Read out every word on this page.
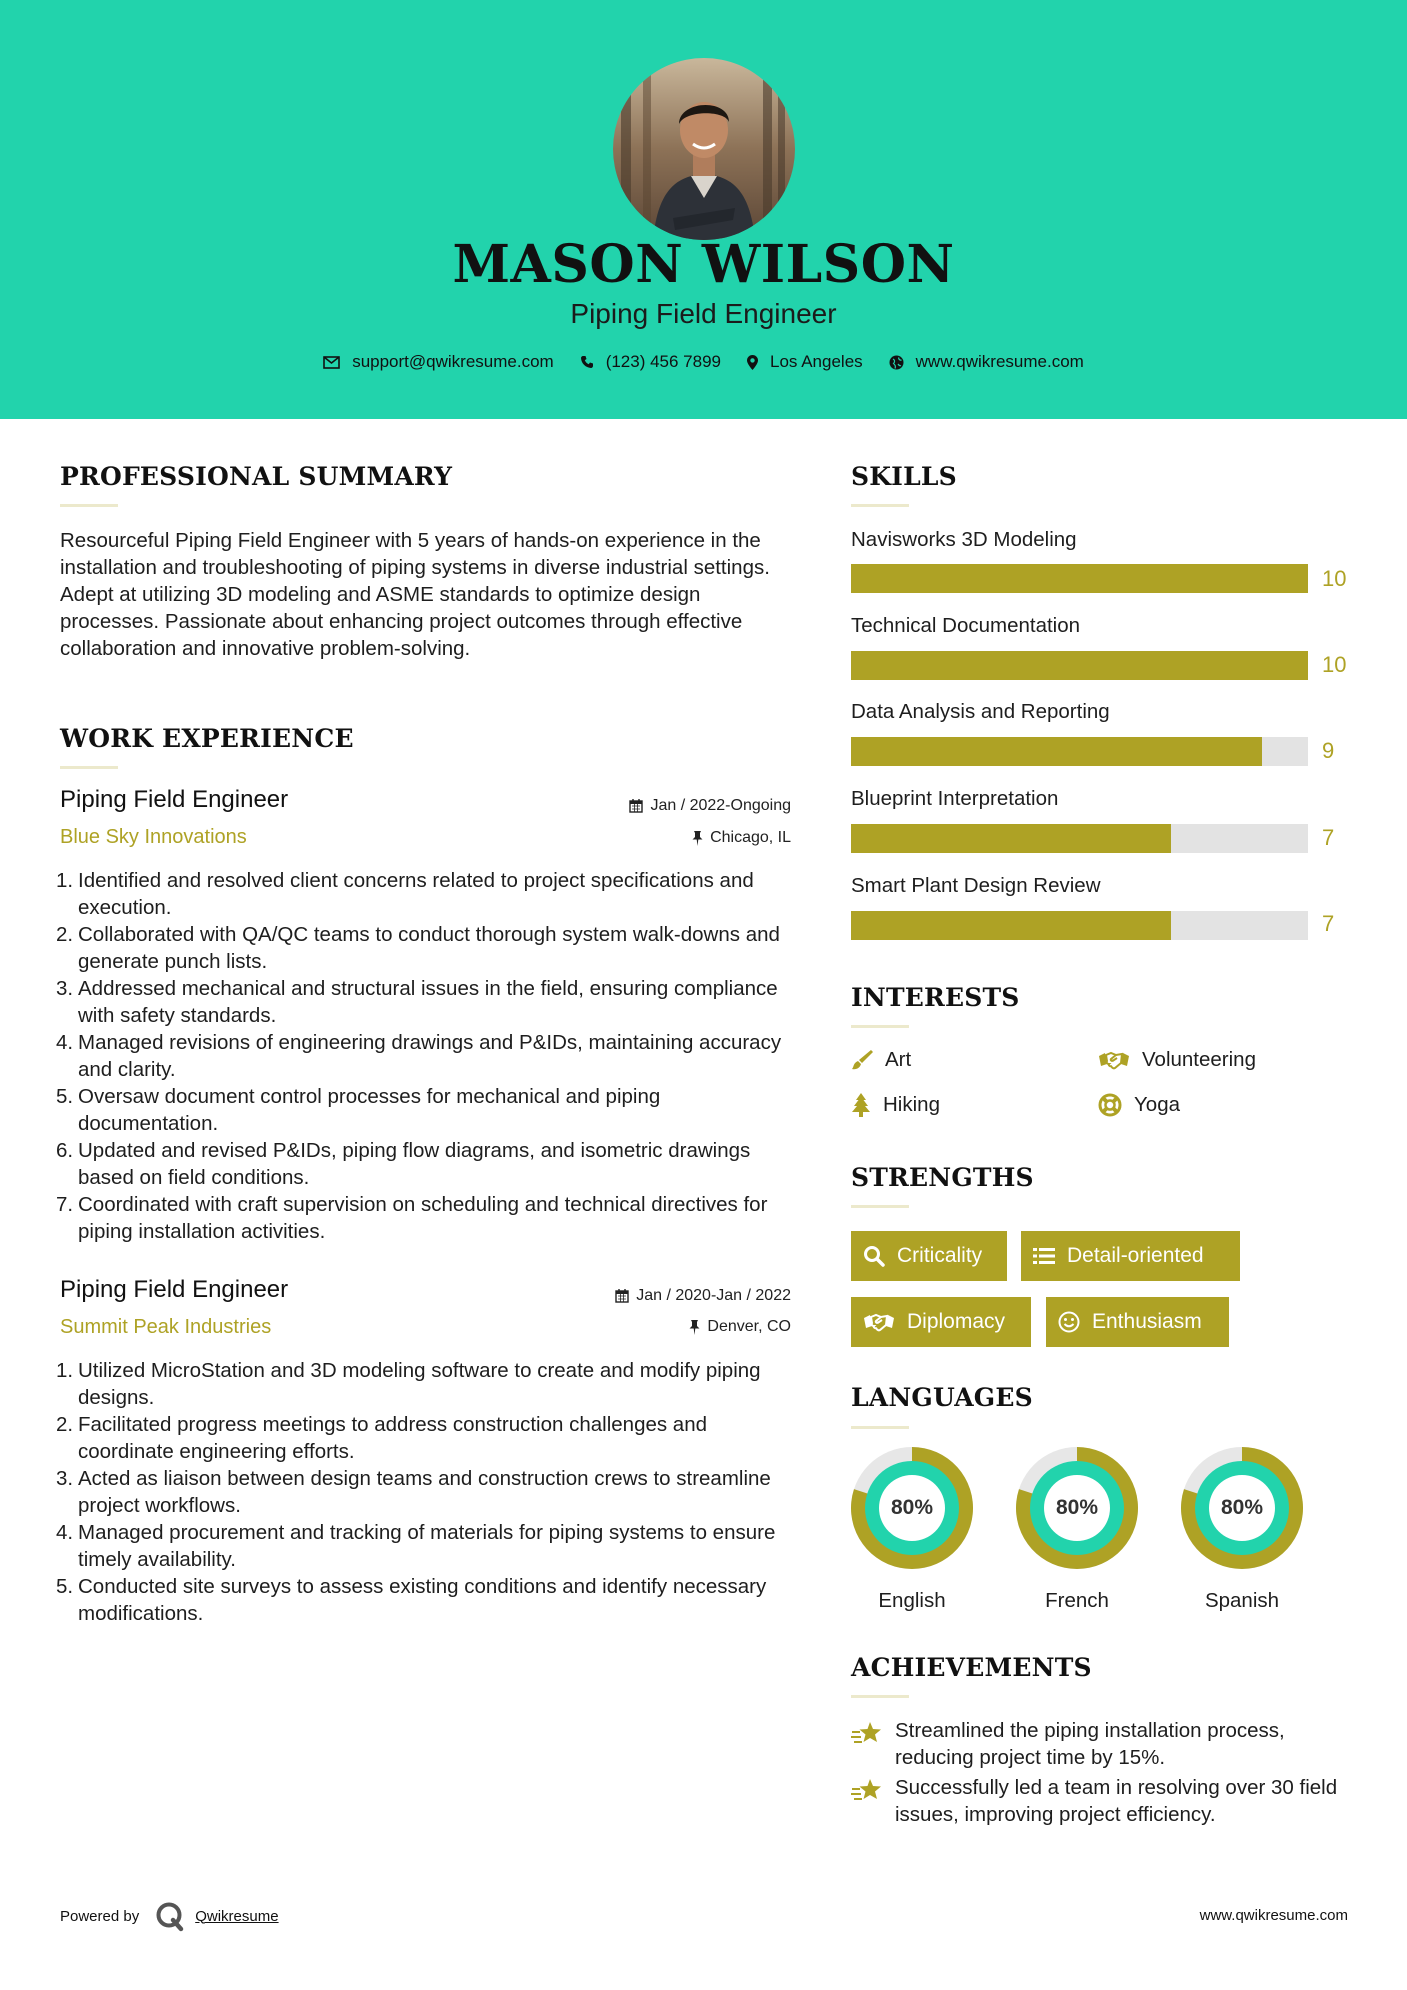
MASON WILSON
Piping Field Engineer
support@qwikresume.com	(123) 456 7899	Los Angeles	www.qwikresume.com
PROFESSIONAL SUMMARY
Resourceful Piping Field Engineer with 5 years of hands-on experience in the installation and troubleshooting of piping systems in diverse industrial settings. Adept at utilizing 3D modeling and ASME standards to optimize design processes. Passionate about enhancing project outcomes through effective collaboration and innovative problem-solving.
WORK EXPERIENCE
Piping Field Engineer	Jan / 2022-Ongoing
Blue Sky Innovations	Chicago, IL
1. Identified and resolved client concerns related to project specifications and execution.
2. Collaborated with QA/QC teams to conduct thorough system walk-downs and generate punch lists.
3. Addressed mechanical and structural issues in the field, ensuring compliance with safety standards.
4. Managed revisions of engineering drawings and P&IDs, maintaining accuracy and clarity.
5. Oversaw document control processes for mechanical and piping documentation.
6. Updated and revised P&IDs, piping flow diagrams, and isometric drawings based on field conditions.
7. Coordinated with craft supervision on scheduling and technical directives for piping installation activities.
Piping Field Engineer	Jan / 2020-Jan / 2022
Summit Peak Industries	Denver, CO
1. Utilized MicroStation and 3D modeling software to create and modify piping designs.
2. Facilitated progress meetings to address construction challenges and coordinate engineering efforts.
3. Acted as liaison between design teams and construction crews to streamline project workflows.
4. Managed procurement and tracking of materials for piping systems to ensure timely availability.
5. Conducted site surveys to assess existing conditions and identify necessary modifications.
SKILLS
Navisworks 3D Modeling
10
Technical Documentation
10
Data Analysis and Reporting
9
Blueprint Interpretation
7
Smart Plant Design Review
7
INTERESTS
Art	Volunteering
Hiking	Yoga
STRENGTHS
Criticality	Detail-oriented
Diplomacy	Enthusiasm
LANGUAGES
80%
English
80%
French
80%
Spanish
ACHIEVEMENTS
Streamlined the piping installation process, reducing project time by 15%.
Successfully led a team in resolving over 30 field issues, improving project efficiency.
Powered by	Qwikresume	www.qwikresume.com
